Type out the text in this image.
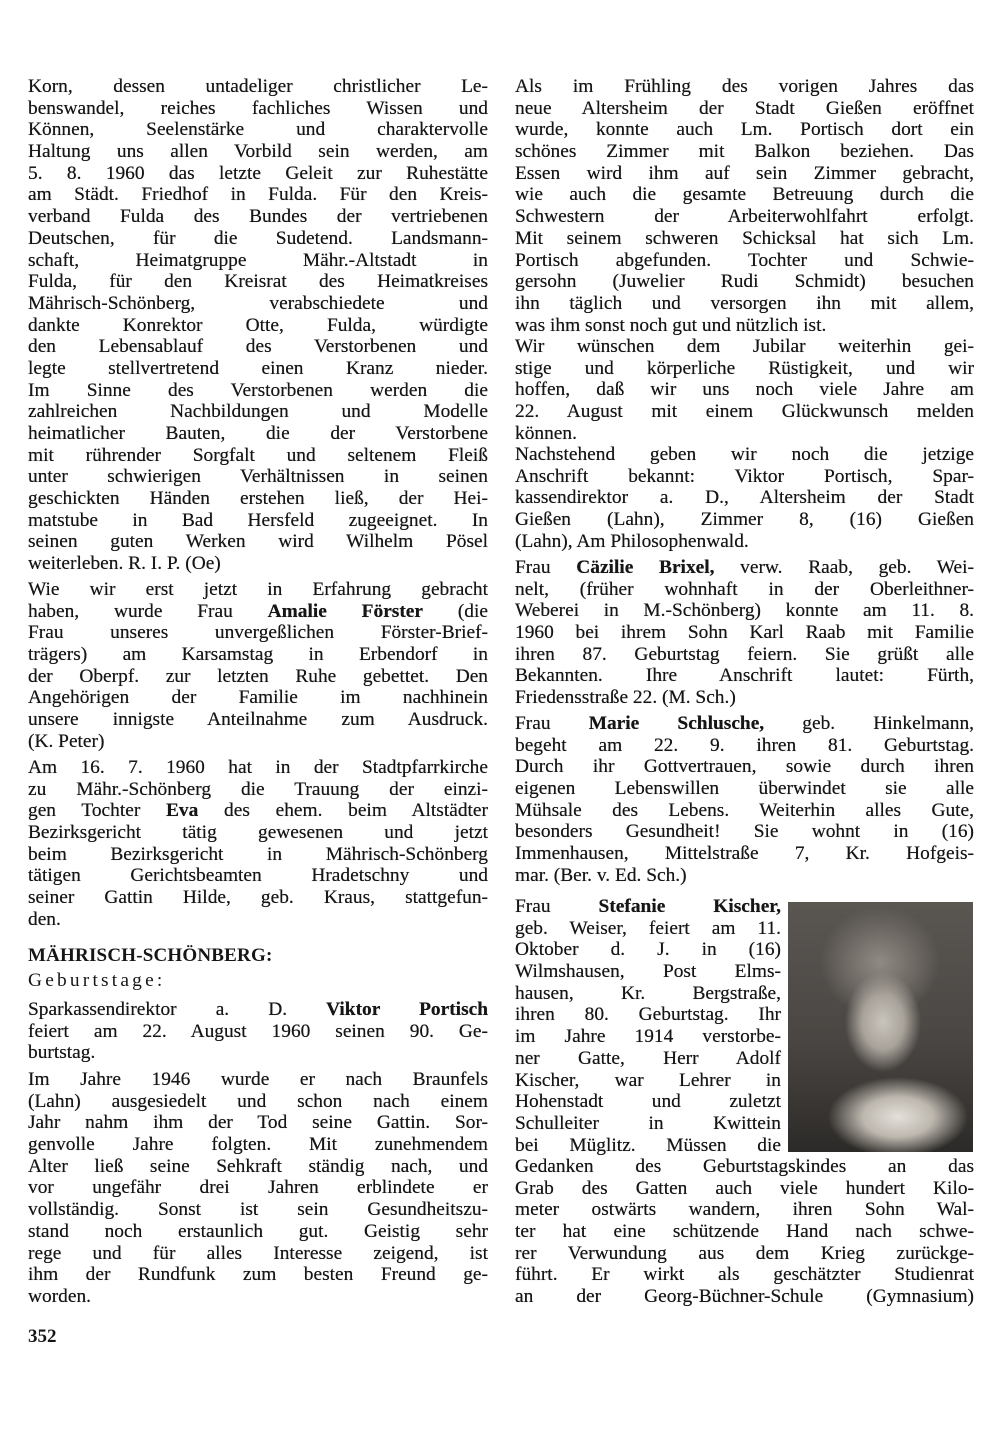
Korn, dessen untadeliger christlicher Le-
benswandel, reiches fachliches Wissen und
Können, Seelenstärke und charaktervolle
Haltung uns allen Vorbild sein werden, am
5. 8. 1960 das letzte Geleit zur Ruhestätte
am Städt. Friedhof in Fulda. Für den Kreis-
verband Fulda des Bundes der vertriebenen
Deutschen, für die Sudetend. Landsmann-
schaft, Heimatgruppe Mähr.-Altstadt in
Fulda, für den Kreisrat des Heimatkreises
Mährisch-Schönberg, verabschiedete und
dankte Konrektor Otte, Fulda, würdigte
den Lebensablauf des Verstorbenen und
legte stellvertretend einen Kranz nieder.
Im Sinne des Verstorbenen werden die
zahlreichen Nachbildungen und Modelle
heimatlicher Bauten, die der Verstorbene
mit rührender Sorgfalt und seltenem Fleiß
unter schwierigen Verhältnissen in seinen
geschickten Händen erstehen ließ, der Hei-
matstube in Bad Hersfeld zugeeignet. In
seinen guten Werken wird Wilhelm Pösel
weiterleben. R. I. P. (Oe)
Wie wir erst jetzt in Erfahrung gebracht
haben, wurde Frau Amalie Förster (die
Frau unseres unvergeßlichen Förster-Brief-
trägers) am Karsamstag in Erbendorf in
der Oberpf. zur letzten Ruhe gebettet. Den
Angehörigen der Familie im nachhinein
unsere innigste Anteilnahme zum Ausdruck.
(K. Peter)
Am 16. 7. 1960 hat in der Stadtpfarrkirche
zu Mähr.-Schönberg die Trauung der einzi-
gen Tochter Eva des ehem. beim Altstädter
Bezirksgericht tätig gewesenen und jetzt
beim Bezirksgericht in Mährisch-Schönberg
tätigen Gerichtsbeamten Hradetschny und
seiner Gattin Hilde, geb. Kraus, stattgefun-
den.
MÄHRISCH-SCHÖNBERG:
Geburtstage:
Sparkassendirektor a. D. Viktor Portisch
feiert am 22. August 1960 seinen 90. Ge-
burtstag.
Im Jahre 1946 wurde er nach Braunfels
(Lahn) ausgesiedelt und schon nach einem
Jahr nahm ihm der Tod seine Gattin. Sor-
genvolle Jahre folgten. Mit zunehmendem
Alter ließ seine Sehkraft ständig nach, und
vor ungefähr drei Jahren erblindete er
vollständig. Sonst ist sein Gesundheitszu-
stand noch erstaunlich gut. Geistig sehr
rege und für alles Interesse zeigend, ist
ihm der Rundfunk zum besten Freund ge-
worden.
352
Als im Frühling des vorigen Jahres das
neue Altersheim der Stadt Gießen eröffnet
wurde, konnte auch Lm. Portisch dort ein
schönes Zimmer mit Balkon beziehen. Das
Essen wird ihm auf sein Zimmer gebracht,
wie auch die gesamte Betreuung durch die
Schwestern der Arbeiterwohlfahrt erfolgt.
Mit seinem schweren Schicksal hat sich Lm.
Portisch abgefunden. Tochter und Schwie-
gersohn (Juwelier Rudi Schmidt) besuchen
ihn täglich und versorgen ihn mit allem,
was ihm sonst noch gut und nützlich ist.
Wir wünschen dem Jubilar weiterhin gei-
stige und körperliche Rüstigkeit, und wir
hoffen, daß wir uns noch viele Jahre am
22. August mit einem Glückwunsch melden
können.
Nachstehend geben wir noch die jetzige
Anschrift bekannt: Viktor Portisch, Spar-
kassendirektor a. D., Altersheim der Stadt
Gießen (Lahn), Zimmer 8, (16) Gießen
(Lahn), Am Philosophenwald.
Frau Cäzilie Brixel, verw. Raab, geb. Wei-
nelt, (früher wohnhaft in der Oberleithner-
Weberei in M.-Schönberg) konnte am 11. 8.
1960 bei ihrem Sohn Karl Raab mit Familie
ihren 87. Geburtstag feiern. Sie grüßt alle
Bekannten. Ihre Anschrift lautet: Fürth,
Friedensstraße 22. (M. Sch.)
Frau Marie Schlusche, geb. Hinkelmann,
begeht am 22. 9. ihren 81. Geburtstag.
Durch ihr Gottvertrauen, sowie durch ihren
eigenen Lebenswillen überwindet sie alle
Mühsale des Lebens. Weiterhin alles Gute,
besonders Gesundheit! Sie wohnt in (16)
Immenhausen, Mittelstraße 7, Kr. Hofgeis-
mar. (Ber. v. Ed. Sch.)
Frau Stefanie Kischer,
geb. Weiser, feiert am 11.
Oktober d. J. in (16)
Wilmshausen, Post Elms-
hausen, Kr. Bergstraße,
ihren 80. Geburtstag. Ihr
im Jahre 1914 verstorbe-
ner Gatte, Herr Adolf
Kischer, war Lehrer in
Hohenstadt und zuletzt
Schulleiter in Kwittein
bei Müglitz. Müssen die
Gedanken des Geburtstagskindes an das
Grab des Gatten auch viele hundert Kilo-
meter ostwärts wandern, ihren Sohn Wal-
ter hat eine schützende Hand nach schwe-
rer Verwundung aus dem Krieg zurückge-
führt. Er wirkt als geschätzter Studienrat
an der Georg-Büchner-Schule (Gymnasium)
